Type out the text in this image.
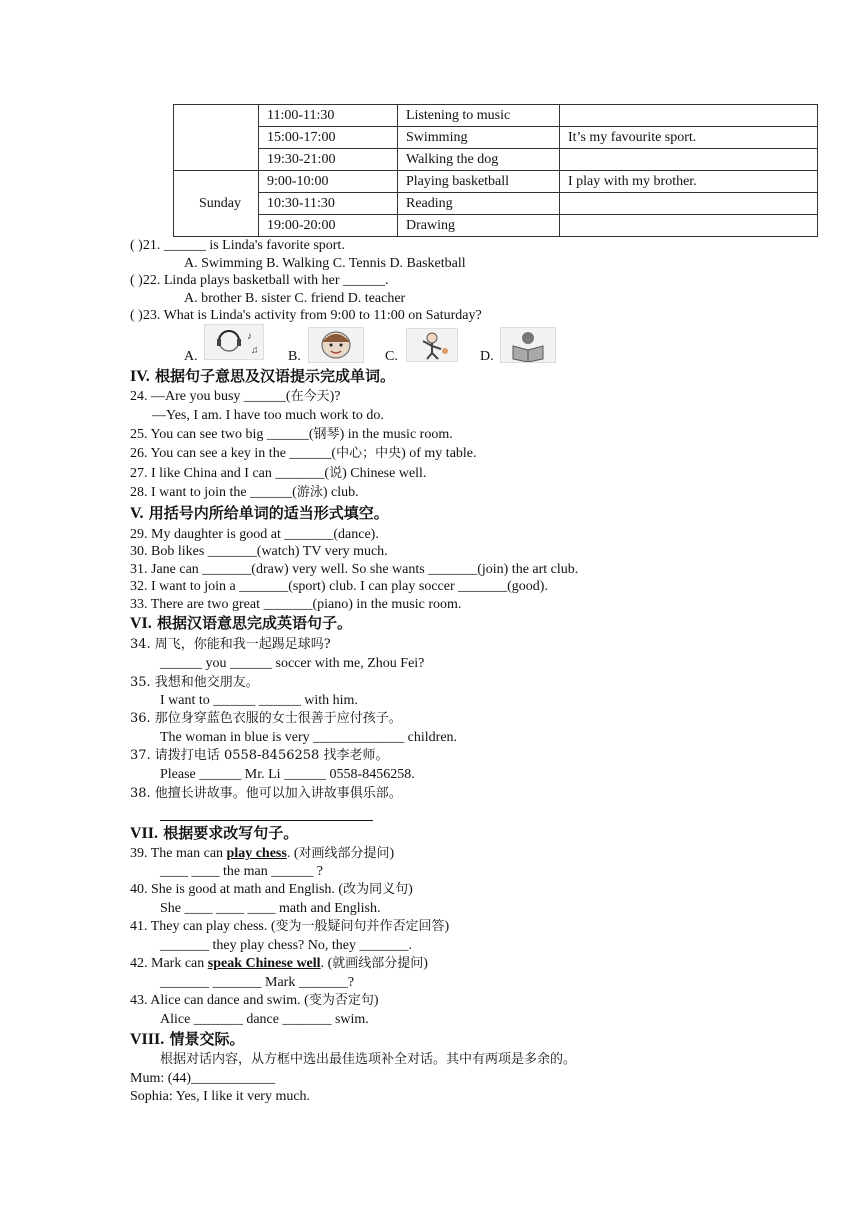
	11:00-11:30	Listening to music	
	15:00-17:00	Swimming	It’s my favourite sport.
	19:30-21:00	Walking the dog	
Sunday	9:00-10:00	Playing basketball	I play with my brother.
	10:30-11:30	Reading	
	19:00-20:00	Drawing	
( )21. ______ is Linda's favorite sport.
A. Swimming B. Walking C. Tennis D. Basketball
( )22. Linda plays basketball with her ______.
A. brother B. sister C. friend D. teacher
( )23. What is Linda's activity from 9:00 to 11:00 on Saturday?
A.
♪
♫ B.	C.	D.
IV. 根据句子意思及汉语提示完成单词。
24. —Are you busy ______(在今天)?
—Yes, I am. I have too much work to do.
25. You can see two big ______(钢琴) in the music room.
26. You can see a key in the ______(中心；中央) of my table.
27. I like China and I can _______(说) Chinese well.
28. I want to join the ______(游泳) club.
V. 用括号内所给单词的适当形式填空。
29. My daughter is good at _______(dance).
30. Bob likes _______(watch) TV very much.
31. Jane can _______(draw) very well. So she wants _______(join) the art club.
32. I want to join a _______(sport) club. I can play soccer _______(good).
33. There are two great _______(piano) in the music room.
VI. 根据汉语意思完成英语句子。
34. 周飞，你能和我一起踢足球吗?
______ you ______ soccer with me, Zhou Fei?
35. 我想和他交朋友。
I want to ______ ______ with him.
36. 那位身穿蓝色衣服的女士很善于应付孩子。
The woman in blue is very _____________ children.
37. 请拨打电话 0558-8456258 找李老师。
Please ______ Mr. Li ______ 0558-8456258.
38. 他擅长讲故事。他可以加入讲故事俱乐部。
VII. 根据要求改写句子。
39. The man can play chess. (对画线部分提问)
____ ____ the man ______ ?
40. She is good at math and English. (改为同义句)
She ____ ____ ____ math and English.
41. They can play chess. (变为一般疑问句并作否定回答)
_______ they play chess? No, they _______.
42. Mark can speak Chinese well. (就画线部分提问)
_______ _______ Mark _______?
43. Alice can dance and swim. (变为否定句)
Alice _______ dance _______ swim.
VIII. 情景交际。
根据对话内容，从方框中选出最佳选项补全对话。其中有两项是多余的。
Mum: (44)____________
Sophia: Yes, I like it very much.
